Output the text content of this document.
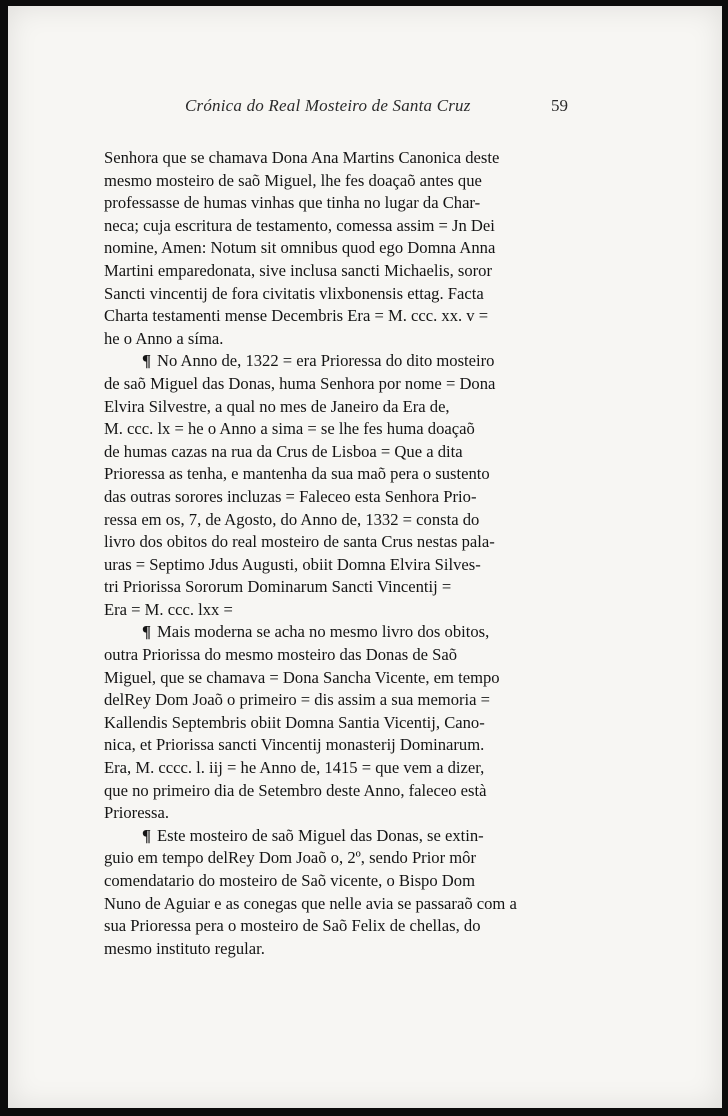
Crónica do Real Mosteiro de Santa Cruz	59
Senhora que se chamava Dona Ana Martins Canonica deste
mesmo mosteiro de saõ Miguel, lhe fes doaçaõ antes que
professasse de humas vinhas que tinha no lugar da Char-
neca; cuja escritura de testamento, comessa assim = Jn Dei
nomine, Amen: Notum sit omnibus quod ego Domna Anna
Martini emparedonata, sive inclusa sancti Michaelis, soror
Sancti vincentij de fora civitatis vlixbonensis ettag. Facta
Charta testamenti mense Decembris Era = M. ccc. xx. v =
he o Anno a síma.
¶ No Anno de, 1322 = era Prioressa do dito mosteiro
de saõ Miguel das Donas, huma Senhora por nome = Dona
Elvira Silvestre, a qual no mes de Janeiro da Era de,
M. ccc. lx = he o Anno a sima = se lhe fes huma doaçaõ
de humas cazas na rua da Crus de Lisboa = Que a dita
Prioressa as tenha, e mantenha da sua maõ pera o sustento
das outras sorores incluzas = Faleceo esta Senhora Prio-
ressa em os, 7, de Agosto, do Anno de, 1332 = consta do
livro dos obitos do real mosteiro de santa Crus nestas pala-
uras = Septimo Jdus Augusti, obiit Domna Elvira Silves-
tri Priorissa Sororum Dominarum Sancti Vincentij =
Era = M. ccc. lxx =
¶ Mais moderna se acha no mesmo livro dos obitos,
outra Priorissa do mesmo mosteiro das Donas de Saõ
Miguel, que se chamava = Dona Sancha Vicente, em tempo
delRey Dom Joaõ o primeiro = dis assim a sua memoria =
Kallendis Septembris obiit Domna Santia Vicentij, Cano-
nica, et Priorissa sancti Vincentij monasterij Dominarum.
Era, M. cccc. l. iij = he Anno de, 1415 = que vem a dizer,
que no primeiro dia de Setembro deste Anno, faleceo està
Prioressa.
¶ Este mosteiro de saõ Miguel das Donas, se extin-
guio em tempo delRey Dom Joaõ o, 2º, sendo Prior môr
comendatario do mosteiro de Saõ vicente, o Bispo Dom
Nuno de Aguiar e as conegas que nelle avia se passaraõ com a
sua Prioressa pera o mosteiro de Saõ Felix de chellas, do
mesmo instituto regular.
